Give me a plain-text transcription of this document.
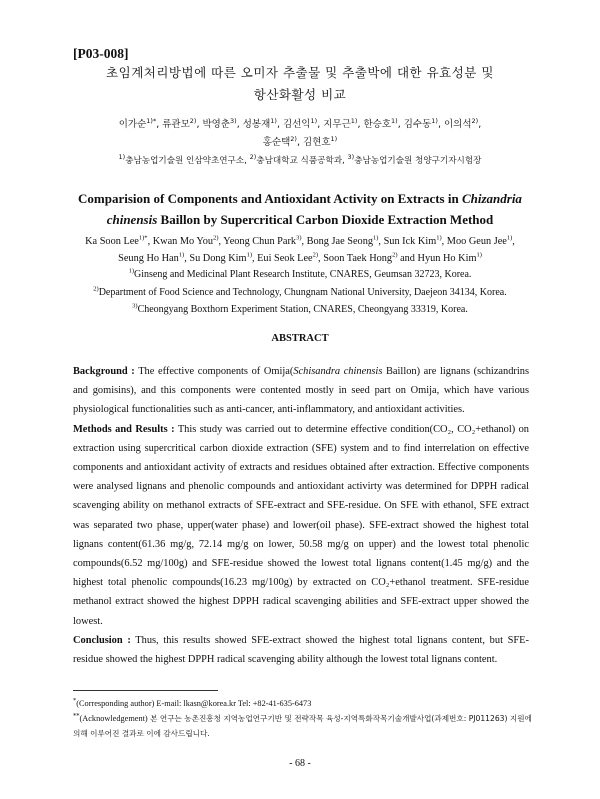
[P03-008]
초임계처리방법에 따른 오미자 추출물 및 추출박에 대한 유효성분 및
항산화활성 비교
이가순$^{1)*}$, 류관모$^{2)}$, 박영춘$^{3)}$, 성봉재$^{1)}$, 김선익$^{1)}$, 지무근$^{1)}$, 한승호$^{1)}$, 김수동$^{1)}$, 이의석$^{2)}$,
홍순택$^{2)}$, 김현호$^{1)}$
$^{1)}$충남농업기술원 인삼약초연구소, $^{2)}$충남대학교 식품공학과, $^{3)}$충남농업기술원 청양구기자시험장
Comparision of Components and Antioxidant Activity on Extracts in Chizandria
chinensis Baillon by Supercritical Carbon Dioxide Extraction Method
Ka Soon Lee$^{1)*}$, Kwan Mo You$^{2)}$, Yeong Chun Park$^{3)}$, Bong Jae Seong$^{1)}$, Sun Ick Kim$^{1)}$, Moo Geun Jee$^{1)}$,
Seung Ho Han$^{1)}$, Su Dong Kim$^{1)}$, Eui Seok Lee$^{2)}$, Soon Taek Hong$^{2)}$ and Hyun Ho Kim$^{1)}$
$^{1)}$Ginseng and Medicinal Plant Research Institute, CNARES, Geumsan 32723, Korea.
$^{2)}$Department of Food Science and Technology, Chungnam National University, Daejeon 34134, Korea.
$^{3)}$Cheongyang Boxthorn Experiment Station, CNARES, Cheongyang 33319, Korea.
ABSTRACT

Background : The effective components of Omija(Schisandra chinensis Baillon) are lignans (schizandrins and gomisins), and this components were contented mostly in seed part on Omija, which have various physiological functionalities such as anti-cancer, anti-inflammatory, and antioxidant activities.

Methods and Results : This study was carried out to determine effective condition(CO₂, CO₂+ethanol) on extraction using supercritical carbon dioxide extraction (SFE) system and to find interrelation on effective components and antioxidant activity of extracts and residues obtained after extraction. Effective components were analysed lignans and phenolic compounds and antioxidant activirty was determined for DPPH radical scavenging ability on methanol extracts of SFE-extract and SFE-residue. On SFE with ethanol, SFE extract was separated two phase, upper(water phase) and lower(oil phase). SFE-extract showed the highest total lignans content(61.36 mg/g, 72.14 mg/g on lower, 50.58 mg/g on upper) and the lowest total phenolic compounds(6.52 mg/100g) and SFE-residue showed the lowest total lignans content(1.45 mg/g) and the highest total phenolic compounds(16.23 mg/100g) by extracted on CO₂+ethanol treatment. SFE-residue methanol extract showed the highest DPPH radical scavenging abilities and SFE-extract upper showed the lowest.

Conclusion : Thus, this results showed SFE-extract showed the highest total lignans content, but SFE-residue showed the highest DPPH radical scavenging ability although the lowest total lignans content.

*(Corresponding author) E-mail: lkasn@korea.kr Tel: +82-41-635-6473
**(Acknowledgement) 본 연구는 농촌진흥청 지역농업연구기반 및 전략작목 육성-지역특화작목기술개발사업(과제번호: PJ011263) 지원에 의해 이루어진 결과로 이에 감사드립니다.
- 68 -
